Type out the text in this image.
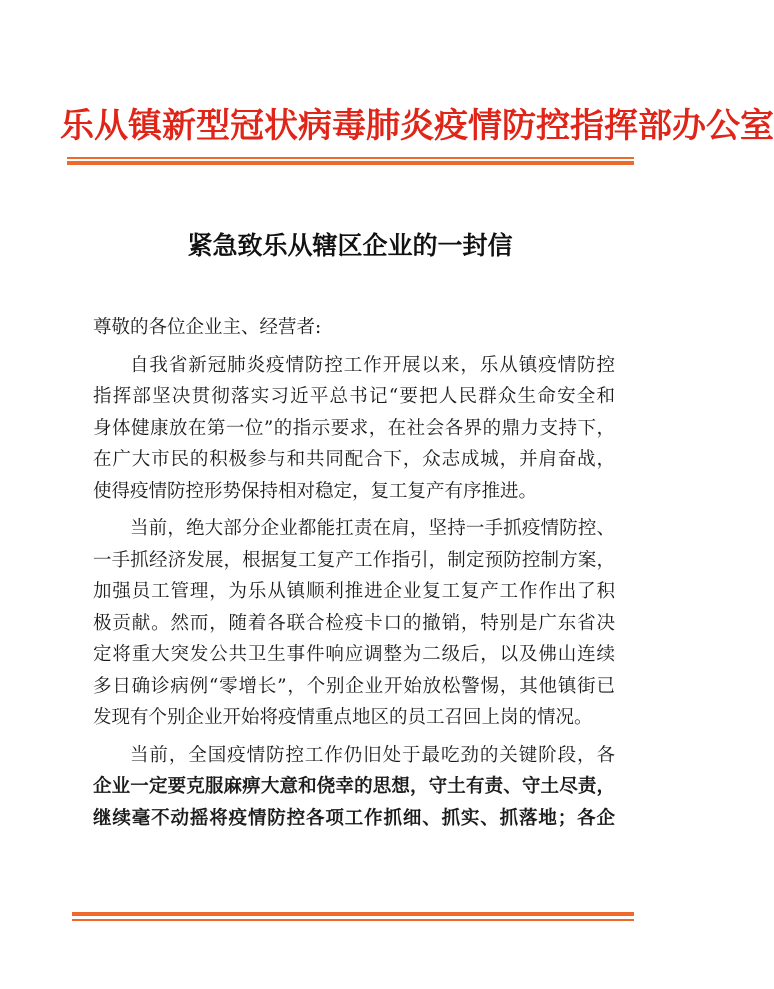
乐 从 镇 新 型 冠 状 病 毒 肺 炎 疫 情 防 控 指 挥 部 办 公 室
紧急致乐从辖区企业的一封信

尊敬的各位企业主、经营者:

自我省新冠肺炎疫情防控工作开展以来，乐从镇疫情防控
指挥部坚决贯彻落实习近平总书记“要把人民群众生命安全和
身体健康放在第一位”的指示要求，在社会各界的鼎力支持下，
在广大市民的积极参与和共同配合下，众志成城，并肩奋战，
使得疫情防控形势保持相对稳定，复工复产有序推进。
当前，绝大部分企业都能扛责在肩，坚持一手抓疫情防控、
一手抓经济发展，根据复工复产工作指引，制定预防控制方案，
加强员工管理，为乐从镇顺利推进企业复工复产工作作出了积
极贡献。然而，随着各联合检疫卡口的撤销，特别是广东省决
定将重大突发公共卫生事件响应调整为二级后，以及佛山连续
多日确诊病例“零增长”，个别企业开始放松警惕，其他镇街已
发现有个别企业开始将疫情重点地区的员工召回上岗的情况。
当前，全国疫情防控工作仍旧处于最吃劲的关键阶段，各
企业一定要克服麻痹大意和侥幸的思想，守土有责、守土尽责，
继续毫不动摇将疫情防控各项工作抓细、抓实、抓落地；各企
